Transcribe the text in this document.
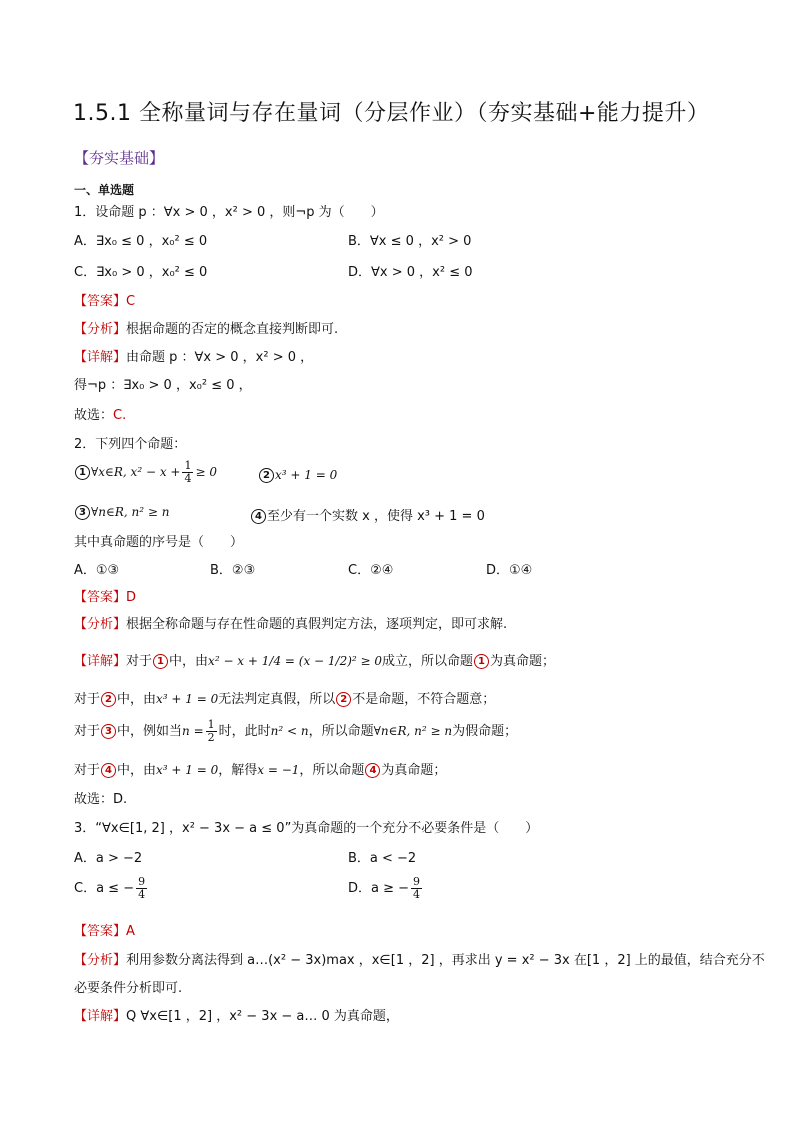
1.5.1 全称量词与存在量词（分层作业）（夯实基础+能力提升）
【夯实基础】
一、单选题
1．设命题 p ：∀x > 0 ，x² > 0 ，则¬p 为（　　）
A．∃x₀ ≤ 0 ，x₀² ≤ 0	B．∀x ≤ 0 ，x² > 0
C．∃x₀ > 0 ，x₀² ≤ 0	D．∀x > 0 ，x² ≤ 0
【答案】C
【分析】根据命题的否定的概念直接判断即可.
【详解】由命题 p ：∀x > 0 ，x² > 0 ，
得¬p ：∃x₀ > 0 ，x₀² ≤ 0 ，
故选：C.
2．下列四个命题：
1 ∀x∈R, $x^2 - x + \frac{1}{4} \ge 0$	2 x³ + 1 = 0
3 ∀n∈R, n² ≥ n	4 至少有一个实数 x ，使得 x³ + 1 = 0
其中真命题的序号是（　　）
A．①③	B．②③	C．②④	D．①④
【答案】D
【分析】根据全称命题与存在性命题的真假判定方法，逐项判定，即可求解.
【详解】对于 1 中，由x² − x + 1/4 = (x − 1/2)² ≥ 0成立，所以命题 1 为真命题；
对于 2 中，由x³ + 1 = 0无法判定真假，所以 2 不是命题，不符合题意；
对于 3 中，例如当$n = \frac{1}{2}$ 时，此时n² < n，所以命题∀n∈R, n² ≥ n为假命题；
对于 4 中，由x³ + 1 = 0，解得x = −1，所以命题 4 为真命题；
故选：D.
3．“∀x∈[1, 2] ，x² − 3x − a ≤ 0”为真命题的一个充分不必要条件是（　　）
A．a > −2	B．a < −2
C．a ≤ − $\frac{9}{4}$	D．a ≥ − $\frac{9}{4}$
【答案】A
【分析】利用参数分离法得到 a…(x² − 3x)max ，x∈[1 ，2] ，再求出 y = x² − 3x 在[1 ，2] 上的最值，结合充分不
必要条件分析即可.
【详解】Q ∀x∈[1 ，2] ，x² − 3x − a… 0 为真命题，
